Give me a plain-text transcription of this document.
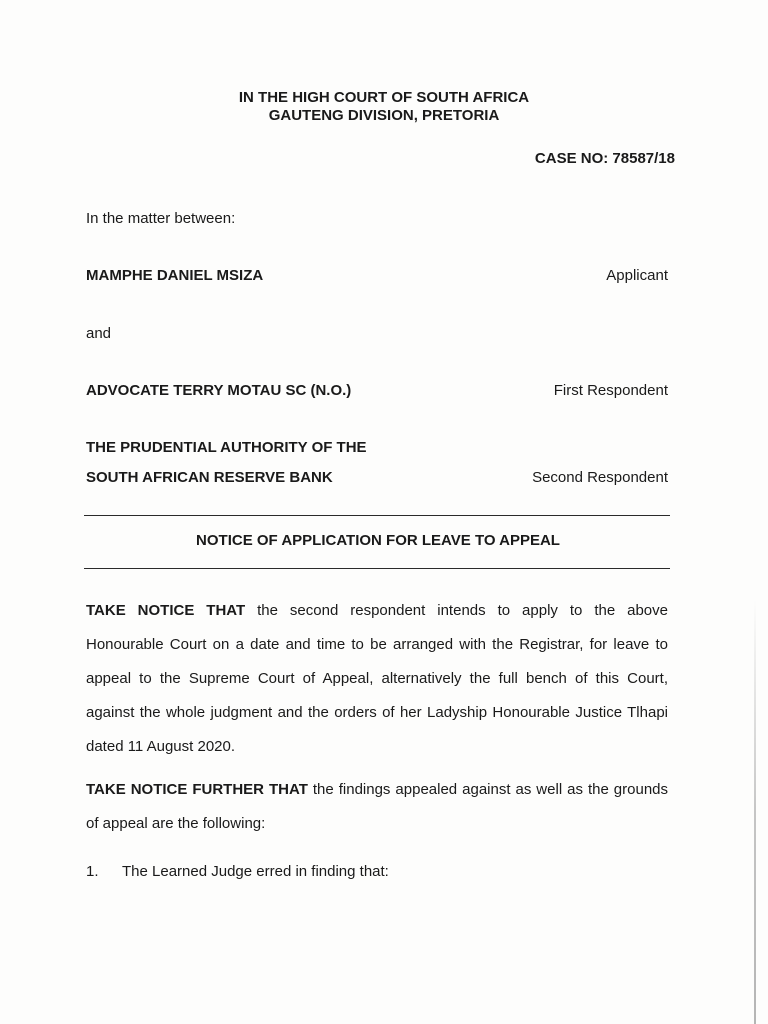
IN THE HIGH COURT OF SOUTH AFRICA
GAUTENG DIVISION, PRETORIA
CASE NO: 78587/18
In the matter between:
MAMPHE DANIEL MSIZA	Applicant
and
ADVOCATE TERRY MOTAU SC (N.O.)	First Respondent
THE PRUDENTIAL AUTHORITY OF THE
SOUTH AFRICAN RESERVE BANK	Second Respondent
NOTICE OF APPLICATION FOR LEAVE TO APPEAL
TAKE NOTICE THAT the second respondent intends to apply to the above
Honourable Court on a date and time to be arranged with the Registrar, for leave to
appeal to the Supreme Court of Appeal, alternatively the full bench of this Court,
against the whole judgment and the orders of her Ladyship Honourable Justice Tlhapi
dated 11 August 2020.
TAKE NOTICE FURTHER THAT the findings appealed against as well as the grounds
of appeal are the following:
1. The Learned Judge erred in finding that:
